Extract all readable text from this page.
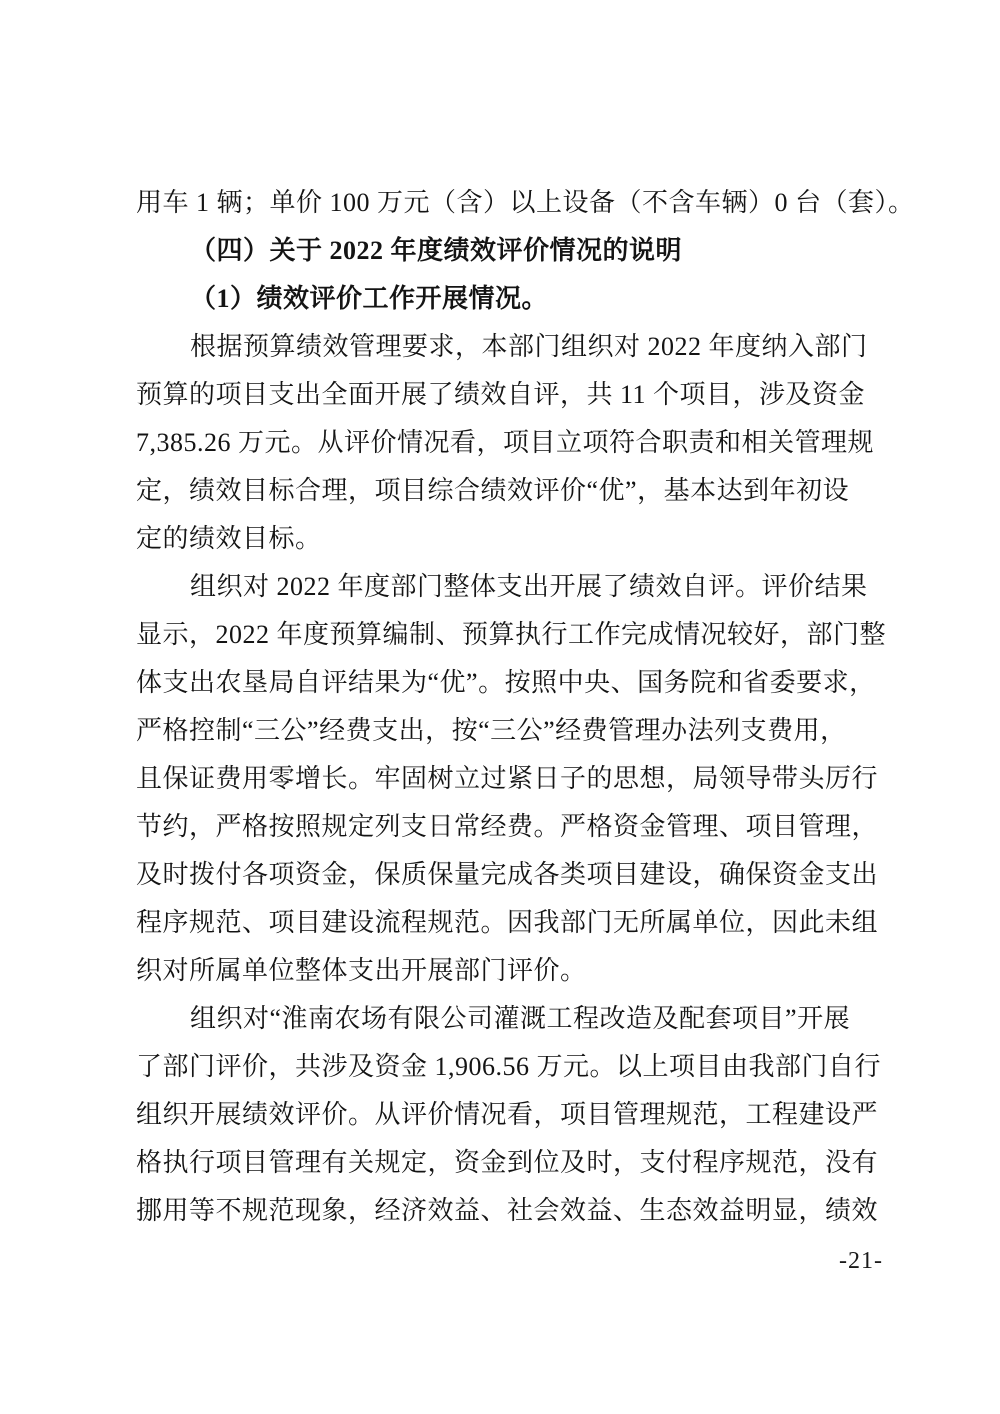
用车 1 辆；单价 100 万元（含）以上设备（不含车辆）0 台（套）。
（四）关于 2022 年度绩效评价情况的说明
（1）绩效评价工作开展情况。
根据预算绩效管理要求，本部门组织对 2022 年度纳入部门
预算的项目支出全面开展了绩效自评，共 11 个项目，涉及资金
7,385.26 万元。从评价情况看，项目立项符合职责和相关管理规
定，绩效目标合理，项目综合绩效评价“优”，基本达到年初设
定的绩效目标。
组织对 2022 年度部门整体支出开展了绩效自评。评价结果
显示，2022 年度预算编制、预算执行工作完成情况较好，部门整
体支出农垦局自评结果为“优”。按照中央、国务院和省委要求，
严格控制“三公”经费支出，按“三公”经费管理办法列支费用，
且保证费用零增长。牢固树立过紧日子的思想，局领导带头厉行
节约，严格按照规定列支日常经费。严格资金管理、项目管理，
及时拨付各项资金，保质保量完成各类项目建设，确保资金支出
程序规范、项目建设流程规范。因我部门无所属单位，因此未组
织对所属单位整体支出开展部门评价。
组织对“淮南农场有限公司灌溉工程改造及配套项目”开展
了部门评价，共涉及资金 1,906.56 万元。以上项目由我部门自行
组织开展绩效评价。从评价情况看，项目管理规范，工程建设严
格执行项目管理有关规定，资金到位及时，支付程序规范，没有
挪用等不规范现象，经济效益、社会效益、生态效益明显，绩效
-21-
